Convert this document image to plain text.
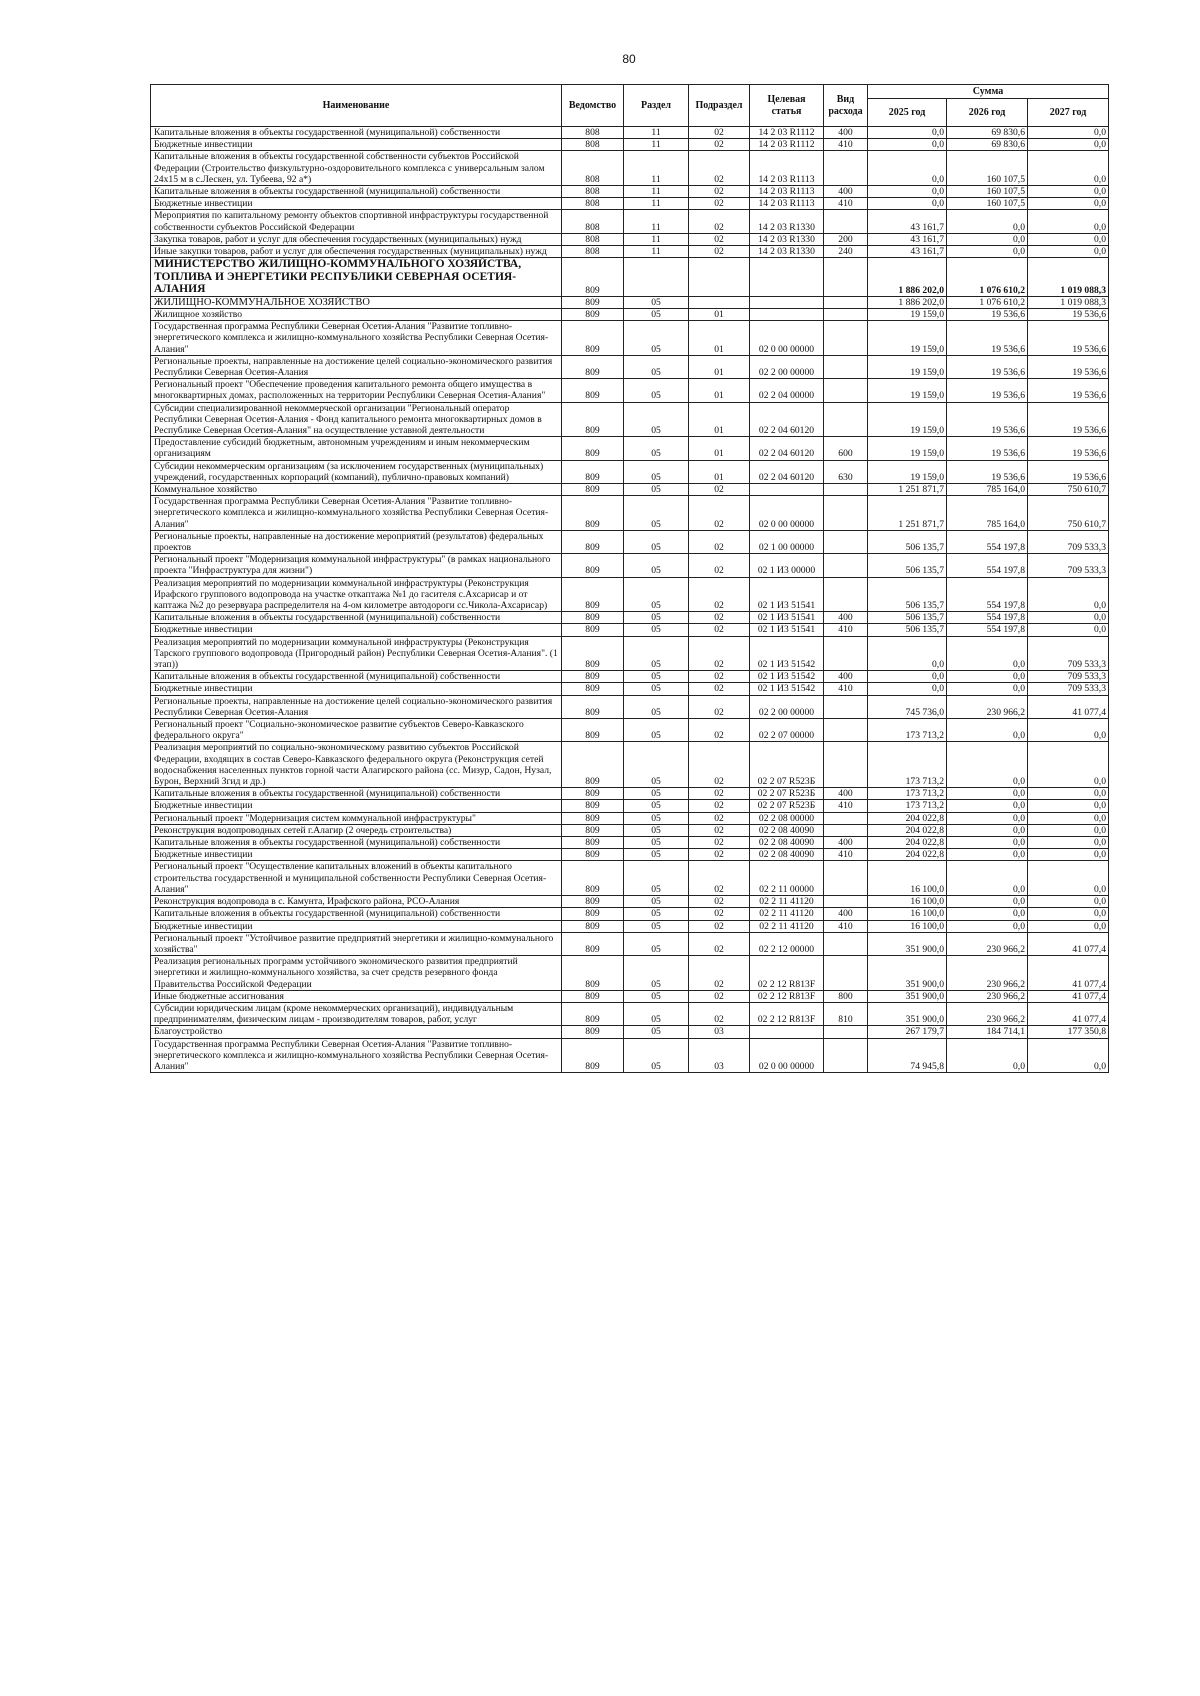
80
Наименование	Ведомство	Раздел	Подраздел	Целевая статья	Вид расхода	Сумма		
						2025 год	2026 год	2027 год
Капитальные вложения в объекты государственной (муниципальной) собственности	808	11	02	14 2 03 R1112	400	0,0	69 830,6	0,0
Бюджетные инвестиции	808	11	02	14 2 03 R1112	410	0,0	69 830,6	0,0
Капитальные вложения в объекты государственной собственности субъектов Российской Федерации (Строительство физкультурно-оздоровительного комплекса с универсальным залом 24х15 м в с.Лескен, ул. Тубеева, 92 а*)	808	11	02	14 2 03 R1113		0,0	160 107,5	0,0
Капитальные вложения в объекты государственной (муниципальной) собственности	808	11	02	14 2 03 R1113	400	0,0	160 107,5	0,0
Бюджетные инвестиции	808	11	02	14 2 03 R1113	410	0,0	160 107,5	0,0
Мероприятия по капитальному ремонту объектов спортивной инфраструктуры государственной собственности субъектов Российской Федерации	808	11	02	14 2 03 R1330		43 161,7	0,0	0,0
Закупка товаров, работ и услуг для обеспечения государственных (муниципальных) нужд	808	11	02	14 2 03 R1330	200	43 161,7	0,0	0,0
Иные закупки товаров, работ и услуг для обеспечения государственных (муниципальных) нужд	808	11	02	14 2 03 R1330	240	43 161,7	0,0	0,0
МИНИСТЕРСТВО ЖИЛИЩНО-КОММУНАЛЬНОГО ХОЗЯЙСТВА, ТОПЛИВА И ЭНЕРГЕТИКИ РЕСПУБЛИКИ СЕВЕРНАЯ ОСЕТИЯ-АЛАНИЯ	809					1 886 202,0	1 076 610,2	1 019 088,3
ЖИЛИЩНО-КОММУНАЛЬНОЕ ХОЗЯЙСТВО	809	05				1 886 202,0	1 076 610,2	1 019 088,3
Жилищное хозяйство	809	05	01			19 159,0	19 536,6	19 536,6
Государственная программа Республики Северная Осетия-Алания "Развитие топливно-энергетического комплекса и жилищно-коммунального хозяйства Республики Северная Осетия-Алания"	809	05	01	02 0 00 00000		19 159,0	19 536,6	19 536,6
Региональные проекты, направленные на достижение целей социально-экономического развития Республики Северная Осетия-Алания	809	05	01	02 2 00 00000		19 159,0	19 536,6	19 536,6
Региональный проект "Обеспечение проведения капитального ремонта общего имущества в многоквартирных домах, расположенных на территории Республики Северная Осетия-Алания"	809	05	01	02 2 04 00000		19 159,0	19 536,6	19 536,6
Субсидии специализированной некоммерческой организации "Региональный оператор Республики Северная Осетия-Алания - Фонд капитального ремонта многоквартирных домов в Республике Северная Осетия-Алания" на осуществление уставной деятельности	809	05	01	02 2 04 60120		19 159,0	19 536,6	19 536,6
Предоставление субсидий бюджетным, автономным учреждениям и иным некоммерческим организациям	809	05	01	02 2 04 60120	600	19 159,0	19 536,6	19 536,6
Субсидии некоммерческим организациям (за исключением государственных (муниципальных) учреждений, государственных корпораций (компаний), публично-правовых компаний)	809	05	01	02 2 04 60120	630	19 159,0	19 536,6	19 536,6
Коммунальное хозяйство	809	05	02			1 251 871,7	785 164,0	750 610,7
Государственная программа Республики Северная Осетия-Алания "Развитие топливно-энергетического комплекса и жилищно-коммунального хозяйства Республики Северная Осетия-Алания"	809	05	02	02 0 00 00000		1 251 871,7	785 164,0	750 610,7
Региональные проекты, направленные на достижение мероприятий (результатов) федеральных проектов	809	05	02	02 1 00 00000		506 135,7	554 197,8	709 533,3
Региональный проект "Модернизация коммунальной инфраструктуры" (в рамках национального проекта "Инфраструктура для жизни")	809	05	02	02 1 И3 00000		506 135,7	554 197,8	709 533,3
Реализация мероприятий по модернизации коммунальной инфраструктуры (Реконструкция Ирафского группового водопровода на участке откаптажа №1 до гасителя с.Ахсарисар и от каптажа №2 до резервуара распределителя на 4-ом километре автодороги сс.Чикола-Ахсарисар)	809	05	02	02 1 И3 51541		506 135,7	554 197,8	0,0
Капитальные вложения в объекты государственной (муниципальной) собственности	809	05	02	02 1 И3 51541	400	506 135,7	554 197,8	0,0
Бюджетные инвестиции	809	05	02	02 1 И3 51541	410	506 135,7	554 197,8	0,0
Реализация мероприятий по модернизации коммунальной инфраструктуры (Реконструкция Тарского группового водопровода (Пригородный район) Республики Северная Осетия-Алания". (1 этап))	809	05	02	02 1 И3 51542		0,0	0,0	709 533,3
Капитальные вложения в объекты государственной (муниципальной) собственности	809	05	02	02 1 И3 51542	400	0,0	0,0	709 533,3
Бюджетные инвестиции	809	05	02	02 1 И3 51542	410	0,0	0,0	709 533,3
Региональные проекты, направленные на достижение целей социально-экономического развития Республики Северная Осетия-Алания	809	05	02	02 2 00 00000		745 736,0	230 966,2	41 077,4
Региональный проект "Социально-экономическое развитие субъектов Северо-Кавказского федерального округа"	809	05	02	02 2 07 00000		173 713,2	0,0	0,0
Реализация мероприятий по социально-экономическому развитию субъектов Российской Федерации, входящих в состав Северо-Кавказского федерального округа (Реконструкция сетей водоснабжения населенных пунктов горной части Алагирского района (сс. Мизур, Садон, Нузал, Бурон, Верхний Згид и др.)	809	05	02	02 2 07 R523Б		173 713,2	0,0	0,0
Капитальные вложения в объекты государственной (муниципальной) собственности	809	05	02	02 2 07 R523Б	400	173 713,2	0,0	0,0
Бюджетные инвестиции	809	05	02	02 2 07 R523Б	410	173 713,2	0,0	0,0
Региональный проект "Модернизация систем коммунальной инфраструктуры"	809	05	02	02 2 08 00000		204 022,8	0,0	0,0
Реконструкция водопроводных сетей г.Алагир (2 очередь строительства)	809	05	02	02 2 08 40090		204 022,8	0,0	0,0
Капитальные вложения в объекты государственной (муниципальной) собственности	809	05	02	02 2 08 40090	400	204 022,8	0,0	0,0
Бюджетные инвестиции	809	05	02	02 2 08 40090	410	204 022,8	0,0	0,0
Региональный проект "Осуществление капитальных вложений в объекты капитального строительства государственной и муниципальной собственности Республики Северная Осетия-Алания"	809	05	02	02 2 11 00000		16 100,0	0,0	0,0
Реконструкция водопровода в с. Камунта, Ирафского района, РСО-Алания	809	05	02	02 2 11 41120		16 100,0	0,0	0,0
Капитальные вложения в объекты государственной (муниципальной) собственности	809	05	02	02 2 11 41120	400	16 100,0	0,0	0,0
Бюджетные инвестиции	809	05	02	02 2 11 41120	410	16 100,0	0,0	0,0
Региональный проект "Устойчивое развитие предприятий энергетики и жилищно-коммунального хозяйства"	809	05	02	02 2 12 00000		351 900,0	230 966,2	41 077,4
Реализация региональных программ устойчивого экономического развития предприятий энергетики и жилищно-коммунального хозяйства, за счет средств резервного фонда Правительства Российской Федерации	809	05	02	02 2 12 R813F		351 900,0	230 966,2	41 077,4
Иные бюджетные ассигнования	809	05	02	02 2 12 R813F	800	351 900,0	230 966,2	41 077,4
Субсидии юридическим лицам (кроме некоммерческих организаций), индивидуальным предпринимателям, физическим лицам - производителям товаров, работ, услуг	809	05	02	02 2 12 R813F	810	351 900,0	230 966,2	41 077,4
Благоустройство	809	05	03			267 179,7	184 714,1	177 350,8
Государственная программа Республики Северная Осетия-Алания "Развитие топливно-энергетического комплекса и жилищно-коммунального хозяйства Республики Северная Осетия-Алания"	809	05	03	02 0 00 00000		74 945,8	0,0	0,0
